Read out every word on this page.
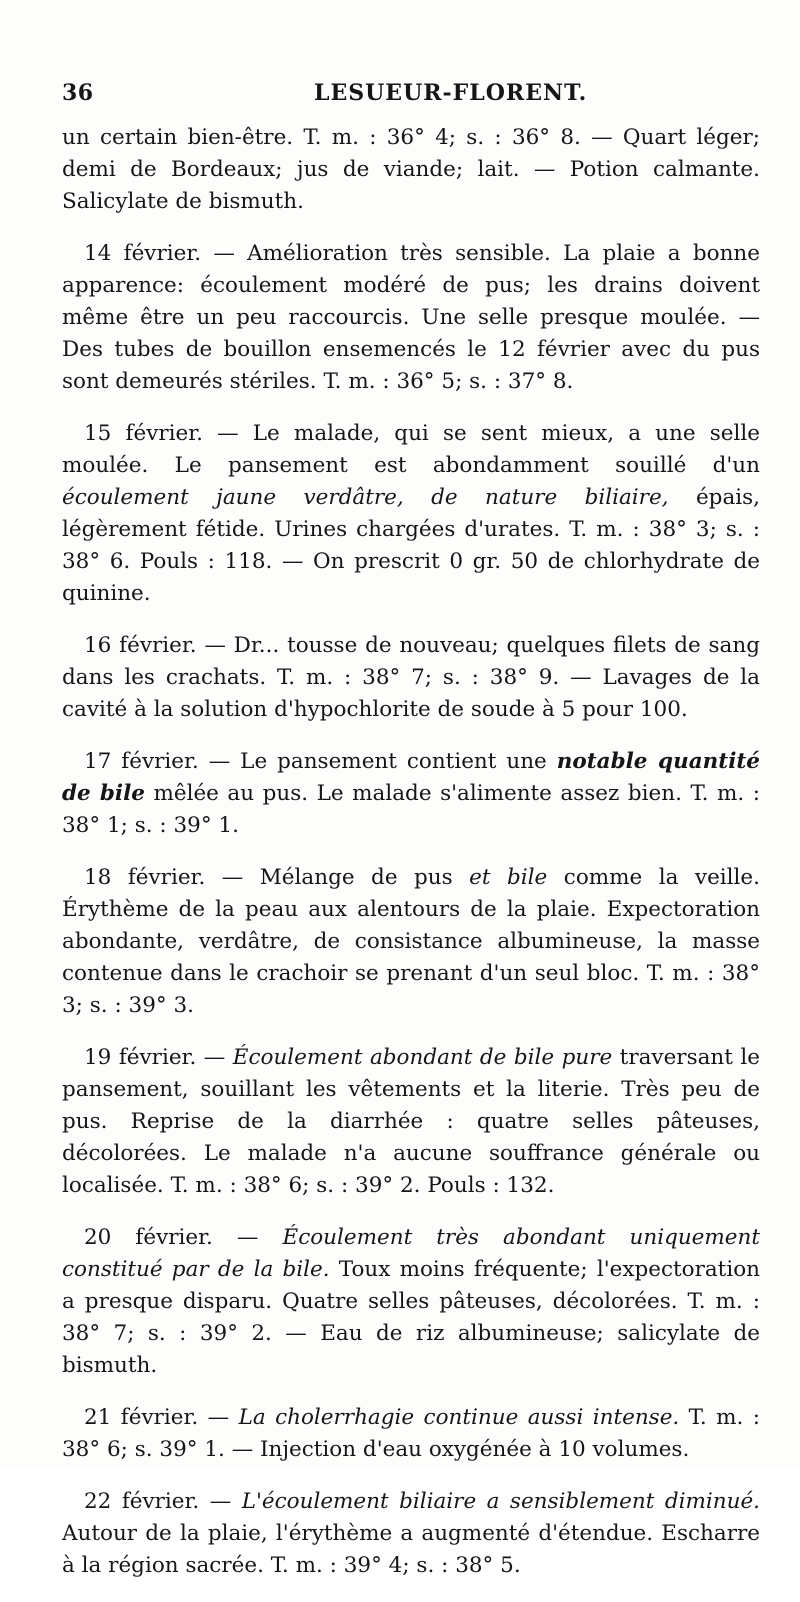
36	LESUEUR-FLORENT.

un certain bien-être. T. m. : 36° 4; s. : 36° 8. — Quart léger; demi de Bordeaux; jus de viande; lait. — Potion calmante. Salicylate de bismuth.

14 février. — Amélioration très sensible. La plaie a bonne apparence: écoulement modéré de pus; les drains doivent même être un peu raccourcis. Une selle presque moulée. — Des tubes de bouillon ensemencés le 12 février avec du pus sont demeurés stériles. T. m. : 36° 5; s. : 37° 8.

15 février. — Le malade, qui se sent mieux, a une selle moulée. Le pansement est abondamment souillé d'un écoulement jaune verdâtre, de nature biliaire, épais, légèrement fétide. Urines chargées d'urates. T. m. : 38° 3; s. : 38° 6. Pouls : 118. — On prescrit 0 gr. 50 de chlorhydrate de quinine.

16 février. — Dr... tousse de nouveau; quelques filets de sang dans les crachats. T. m. : 38° 7; s. : 38° 9. — Lavages de la cavité à la solution d'hypochlorite de soude à 5 pour 100.

17 février. — Le pansement contient une notable quantité de bile mêlée au pus. Le malade s'alimente assez bien. T. m. : 38° 1; s. : 39° 1.

18 février. — Mélange de pus et bile comme la veille. Érythème de la peau aux alentours de la plaie. Expectoration abondante, verdâtre, de consistance albumineuse, la masse contenue dans le crachoir se prenant d'un seul bloc. T. m. : 38° 3; s. : 39° 3.

19 février. — Écoulement abondant de bile pure traversant le pansement, souillant les vêtements et la literie. Très peu de pus. Reprise de la diarrhée : quatre selles pâteuses, décolorées. Le malade n'a aucune souffrance générale ou localisée. T. m. : 38° 6; s. : 39° 2. Pouls : 132.

20 février. — Écoulement très abondant uniquement constitué par de la bile. Toux moins fréquente; l'expectoration a presque disparu. Quatre selles pâteuses, décolorées. T. m. : 38° 7; s. : 39° 2. — Eau de riz albumineuse; salicylate de bismuth.

21 février. — La cholerrhagie continue aussi intense. T. m. : 38° 6; s. 39° 1. — Injection d'eau oxygénée à 10 volumes.

22 février. — L'écoulement biliaire a sensiblement diminué. Autour de la plaie, l'érythème a augmenté d'étendue. Escharre à la région sacrée. T. m. : 39° 4; s. : 38° 5.
